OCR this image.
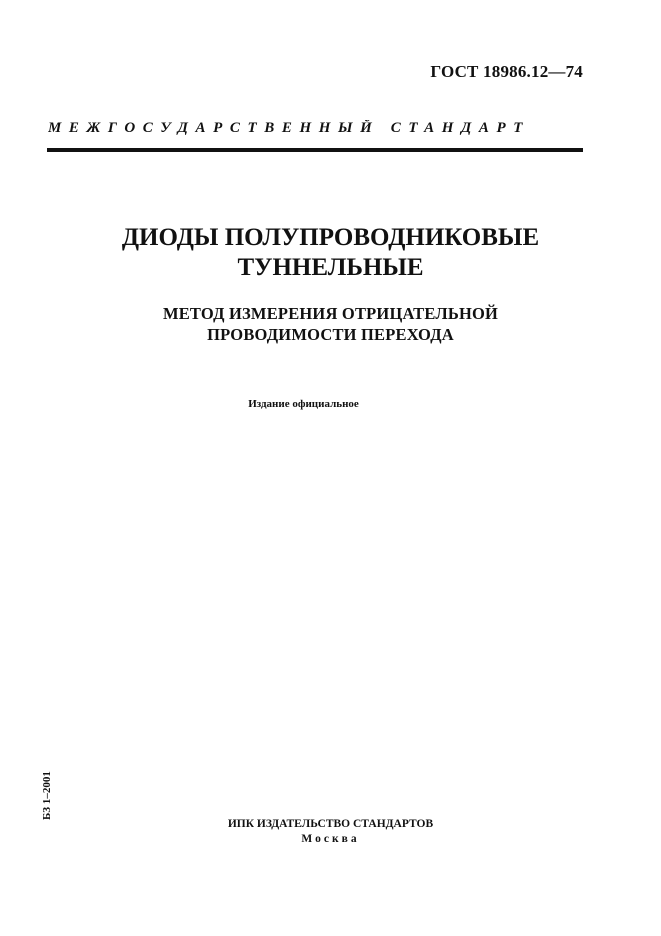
ГОСТ 18986.12—74
МЕЖГОСУДАРСТВЕННЫЙ СТАНДАРТ
ДИОДЫ ПОЛУПРОВОДНИКОВЫЕ
ТУННЕЛЬНЫЕ
МЕТОД ИЗМЕРЕНИЯ ОТРИЦАТЕЛЬНОЙ
ПРОВОДИМОСТИ ПЕРЕХОДА
Издание официальное
БЗ 1–2001
ИПК ИЗДАТЕЛЬСТВО СТАНДАРТОВ
Москва
